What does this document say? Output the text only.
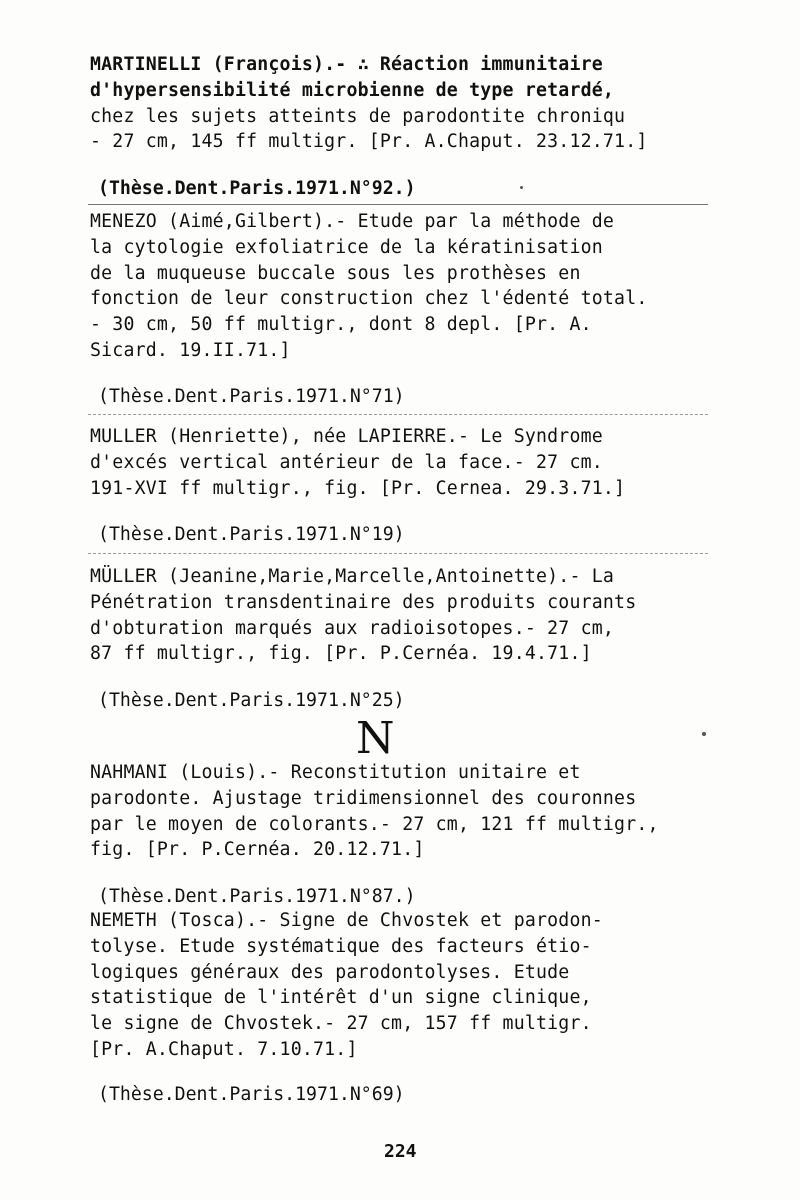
MARTINELLI (François).- ∴ Réaction immunitaire

d'hypersensibilité microbienne de type retardé,

chez les sujets atteints de parodontite chroniqu

- 27 cm, 145 ff multigr. [Pr. A.Chaput. 23.12.71.]

(Thèse.Dent.Paris.1971.N°92.)

MENEZO (Aimé,Gilbert).- Etude par la méthode de

la cytologie exfoliatrice de la kératinisation

de la muqueuse buccale sous les prothèses en

fonction de leur construction chez l'édenté total.

- 30 cm, 50 ff multigr., dont 8 depl. [Pr. A.

Sicard. 19.II.71.]

(Thèse.Dent.Paris.1971.N°71)

MULLER (Henriette), née LAPIERRE.- Le Syndrome

d'excés vertical antérieur de la face.- 27 cm.

191-XVI ff multigr., fig. [Pr. Cernea. 29.3.71.]

(Thèse.Dent.Paris.1971.N°19)

MÜLLER (Jeanine,Marie,Marcelle,Antoinette).- La

Pénétration transdentinaire des produits courants

d'obturation marqués aux radioisotopes.- 27 cm,

87 ff multigr., fig. [Pr. P.Cernéa. 19.4.71.]

(Thèse.Dent.Paris.1971.N°25)
N

NAHMANI (Louis).- Reconstitution unitaire et

parodonte. Ajustage tridimensionnel des couronnes

par le moyen de colorants.- 27 cm, 121 ff multigr.,

fig. [Pr. P.Cernéa. 20.12.71.]

(Thèse.Dent.Paris.1971.N°87.)

NEMETH (Tosca).- Signe de Chvostek et parodon-

tolyse. Etude systématique des facteurs étio-

logiques généraux des parodontolyses. Etude

statistique de l'intérêt d'un signe clinique,

le signe de Chvostek.- 27 cm, 157 ff multigr.

[Pr. A.Chaput. 7.10.71.]

(Thèse.Dent.Paris.1971.N°69)
224
